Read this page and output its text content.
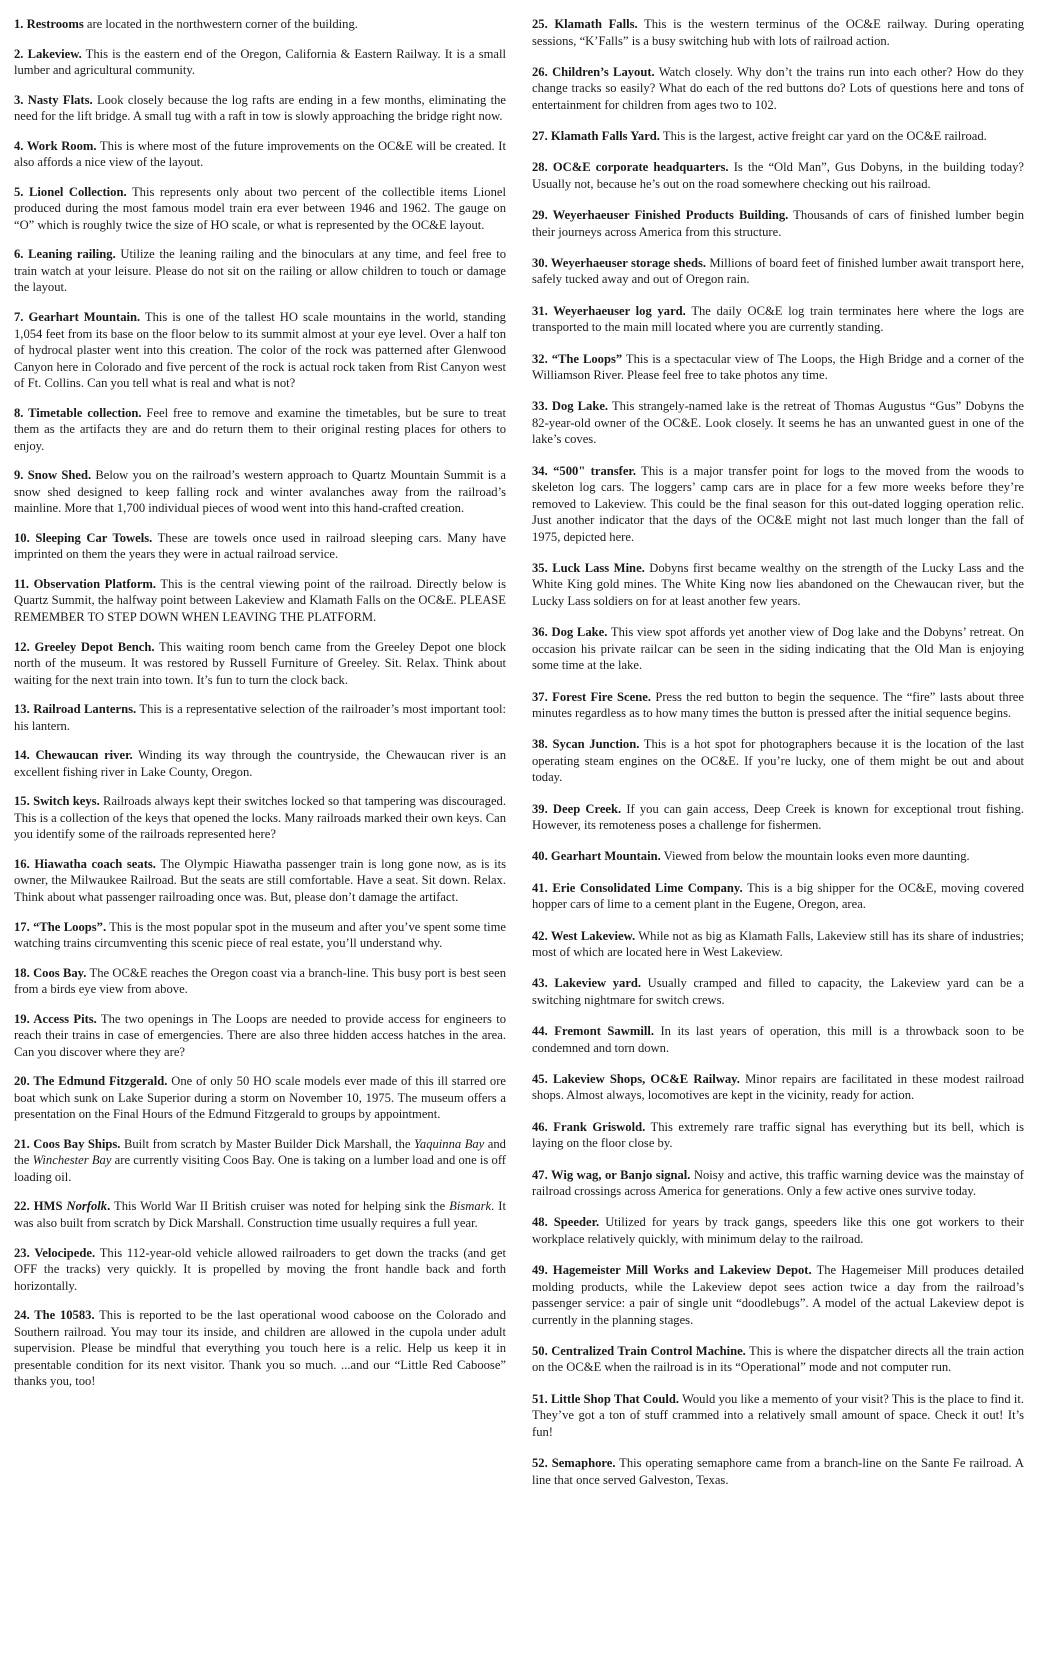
1. Restrooms are located in the northwestern corner of the building.

2. Lakeview. This is the eastern end of the Oregon, California & Eastern Railway. It is a small lumber and agricultural community.

3. Nasty Flats. Look closely because the log rafts are ending in a few months, eliminating the need for the lift bridge. A small tug with a raft in tow is slowly approaching the bridge right now.

4. Work Room. This is where most of the future improvements on the OC&E will be created. It also affords a nice view of the layout.

5. Lionel Collection. This represents only about two percent of the collectible items Lionel produced during the most famous model train era ever between 1946 and 1962. The gauge on “O” which is roughly twice the size of HO scale, or what is represented by the OC&E layout.

6. Leaning railing. Utilize the leaning railing and the binoculars at any time, and feel free to train watch at your leisure. Please do not sit on the railing or allow children to touch or damage the layout.

7. Gearhart Mountain. This is one of the tallest HO scale mountains in the world, standing 1,054 feet from its base on the floor below to its summit almost at your eye level. Over a half ton of hydrocal plaster went into this creation. The color of the rock was patterned after Glenwood Canyon here in Colorado and five percent of the rock is actual rock taken from Rist Canyon west of Ft. Collins. Can you tell what is real and what is not?

8. Timetable collection. Feel free to remove and examine the timetables, but be sure to treat them as the artifacts they are and do return them to their original resting places for others to enjoy.

9. Snow Shed. Below you on the railroad’s western approach to Quartz Mountain Summit is a snow shed designed to keep falling rock and winter avalanches away from the railroad’s mainline. More that 1,700 individual pieces of wood went into this hand-crafted creation.

10. Sleeping Car Towels. These are towels once used in railroad sleeping cars. Many have imprinted on them the years they were in actual railroad service.

11. Observation Platform. This is the central viewing point of the railroad. Directly below is Quartz Summit, the halfway point between Lakeview and Klamath Falls on the OC&E. PLEASE REMEMBER TO STEP DOWN WHEN LEAVING THE PLATFORM.

12. Greeley Depot Bench. This waiting room bench came from the Greeley Depot one block north of the museum. It was restored by Russell Furniture of Greeley. Sit. Relax. Think about waiting for the next train into town. It’s fun to turn the clock back.

13. Railroad Lanterns. This is a representative selection of the railroader’s most important tool: his lantern.

14. Chewaucan river. Winding its way through the countryside, the Chewaucan river is an excellent fishing river in Lake County, Oregon.

15. Switch keys. Railroads always kept their switches locked so that tampering was discouraged. This is a collection of the keys that opened the locks. Many railroads marked their own keys. Can you identify some of the railroads represented here?

16. Hiawatha coach seats. The Olympic Hiawatha passenger train is long gone now, as is its owner, the Milwaukee Railroad. But the seats are still comfortable. Have a seat. Sit down. Relax. Think about what passenger railroading once was. But, please don’t damage the artifact.

17. “The Loops”. This is the most popular spot in the museum and after you’ve spent some time watching trains circumventing this scenic piece of real estate, you’ll understand why.

18. Coos Bay. The OC&E reaches the Oregon coast via a branch-line. This busy port is best seen from a birds eye view from above.

19. Access Pits. The two openings in The Loops are needed to provide access for engineers to reach their trains in case of emergencies. There are also three hidden access hatches in the area. Can you discover where they are?

20. The Edmund Fitzgerald. One of only 50 HO scale models ever made of this ill starred ore boat which sunk on Lake Superior during a storm on November 10, 1975. The museum offers a presentation on the Final Hours of the Edmund Fitzgerald to groups by appointment.

21. Coos Bay Ships. Built from scratch by Master Builder Dick Marshall, the Yaquinna Bay and the Winchester Bay are currently visiting Coos Bay. One is taking on a lumber load and one is off loading oil.

22. HMS Norfolk. This World War II British cruiser was noted for helping sink the Bismark. It was also built from scratch by Dick Marshall. Construction time usually requires a full year.

23. Velocipede. This 112-year-old vehicle allowed railroaders to get down the tracks (and get OFF the tracks) very quickly. It is propelled by moving the front handle back and forth horizontally.

24. The 10583. This is reported to be the last operational wood caboose on the Colorado and Southern railroad. You may tour its inside, and children are allowed in the cupola under adult supervision. Please be mindful that everything you touch here is a relic. Help us keep it in presentable condition for its next visitor. Thank you so much. ...and our “Little Red Caboose” thanks you, too!

25. Klamath Falls. This is the western terminus of the OC&E railway. During operating sessions, “K’Falls” is a busy switching hub with lots of railroad action.

26. Children’s Layout. Watch closely. Why don’t the trains run into each other? How do they change tracks so easily? What do each of the red buttons do? Lots of questions here and tons of entertainment for children from ages two to 102.

27. Klamath Falls Yard. This is the largest, active freight car yard on the OC&E railroad.

28. OC&E corporate headquarters. Is the “Old Man”, Gus Dobyns, in the building today? Usually not, because he’s out on the road somewhere checking out his railroad.

29. Weyerhaeuser Finished Products Building. Thousands of cars of finished lumber begin their journeys across America from this structure.

30. Weyerhaeuser storage sheds. Millions of board feet of finished lumber await transport here, safely tucked away and out of Oregon rain.

31. Weyerhaeuser log yard. The daily OC&E log train terminates here where the logs are transported to the main mill located where you are currently standing.

32. “The Loops” This is a spectacular view of The Loops, the High Bridge and a corner of the Williamson River. Please feel free to take photos any time.

33. Dog Lake. This strangely-named lake is the retreat of Thomas Augustus “Gus” Dobyns the 82-year-old owner of the OC&E. Look closely. It seems he has an unwanted guest in one of the lake’s coves.

34. “500" transfer. This is a major transfer point for logs to the moved from the woods to skeleton log cars. The loggers’ camp cars are in place for a few more weeks before they’re removed to Lakeview. This could be the final season for this out-dated logging operation relic. Just another indicator that the days of the OC&E might not last much longer than the fall of 1975, depicted here.

35. Luck Lass Mine. Dobyns first became wealthy on the strength of the Lucky Lass and the White King gold mines. The White King now lies abandoned on the Chewaucan river, but the Lucky Lass soldiers on for at least another few years.

36. Dog Lake. This view spot affords yet another view of Dog lake and the Dobyns’ retreat. On occasion his private railcar can be seen in the siding indicating that the Old Man is enjoying some time at the lake.

37. Forest Fire Scene. Press the red button to begin the sequence. The “fire” lasts about three minutes regardless as to how many times the button is pressed after the initial sequence begins.

38. Sycan Junction. This is a hot spot for photographers because it is the location of the last operating steam engines on the OC&E. If you’re lucky, one of them might be out and about today.

39. Deep Creek. If you can gain access, Deep Creek is known for exceptional trout fishing. However, its remoteness poses a challenge for fishermen.

40. Gearhart Mountain. Viewed from below the mountain looks even more daunting.

41. Erie Consolidated Lime Company. This is a big shipper for the OC&E, moving covered hopper cars of lime to a cement plant in the Eugene, Oregon, area.

42. West Lakeview. While not as big as Klamath Falls, Lakeview still has its share of industries; most of which are located here in West Lakeview.

43. Lakeview yard. Usually cramped and filled to capacity, the Lakeview yard can be a switching nightmare for switch crews.

44. Fremont Sawmill. In its last years of operation, this mill is a throwback soon to be condemned and torn down.

45. Lakeview Shops, OC&E Railway. Minor repairs are facilitated in these modest railroad shops. Almost always, locomotives are kept in the vicinity, ready for action.

46. Frank Griswold. This extremely rare traffic signal has everything but its bell, which is laying on the floor close by.

47. Wig wag, or Banjo signal. Noisy and active, this traffic warning device was the mainstay of railroad crossings across America for generations. Only a few active ones survive today.

48. Speeder. Utilized for years by track gangs, speeders like this one got workers to their workplace relatively quickly, with minimum delay to the railroad.

49. Hagemeister Mill Works and Lakeview Depot. The Hagemeiser Mill produces detailed molding products, while the Lakeview depot sees action twice a day from the railroad’s passenger service: a pair of single unit “doodlebugs”. A model of the actual Lakeview depot is currently in the planning stages.

50. Centralized Train Control Machine. This is where the dispatcher directs all the train action on the OC&E when the railroad is in its “Operational” mode and not computer run.

51. Little Shop That Could. Would you like a memento of your visit? This is the place to find it. They’ve got a ton of stuff crammed into a relatively small amount of space. Check it out! It’s fun!

52. Semaphore. This operating semaphore came from a branch-line on the Sante Fe railroad. A line that once served Galveston, Texas.
